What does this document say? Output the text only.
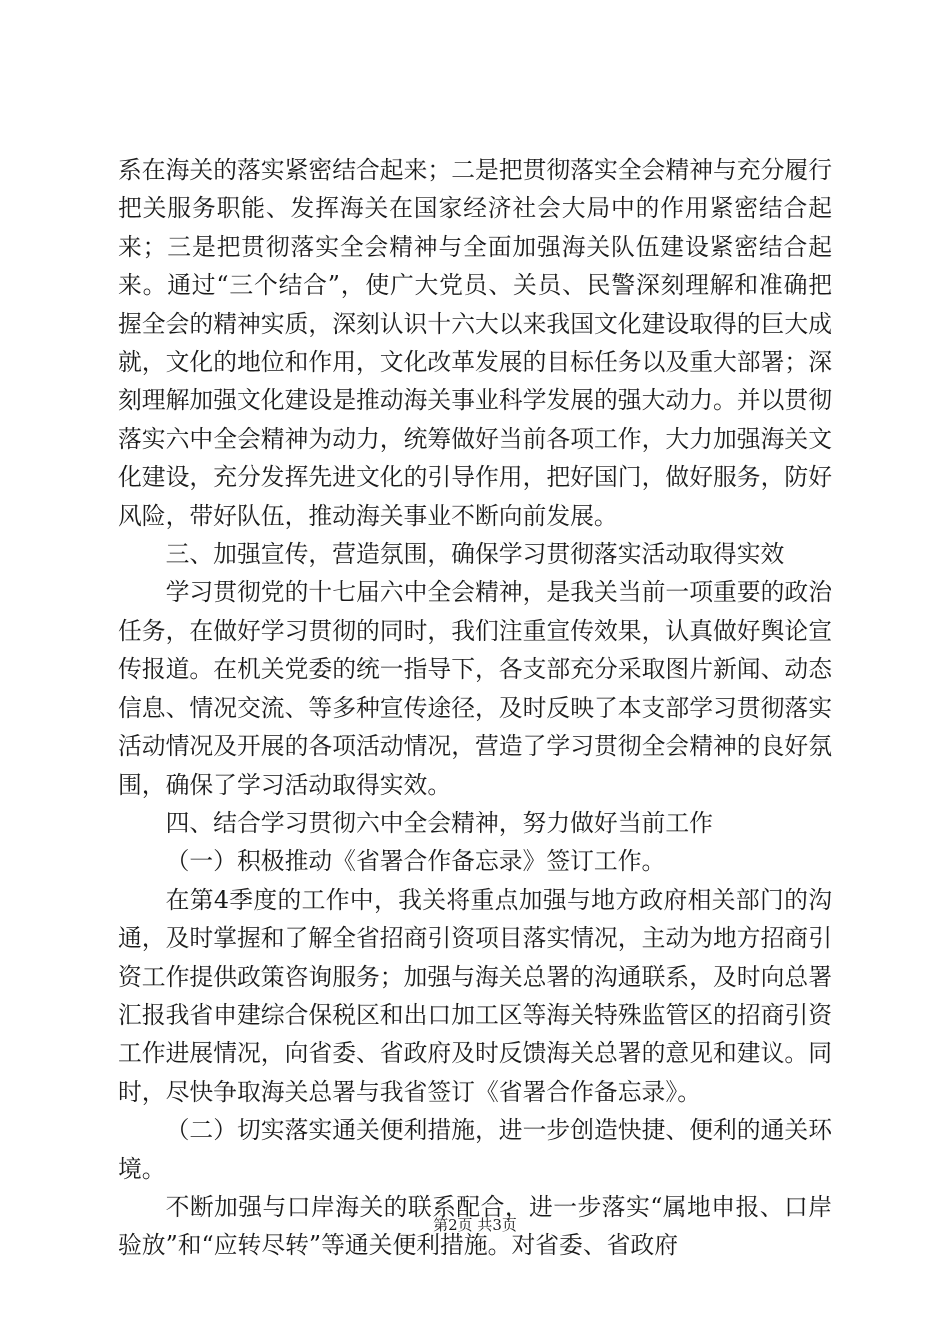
系在海关的落实紧密结合起来；二是把贯彻落实全会精神与充分履行把关服务职能、发挥海关在国家经济社会大局中的作用紧密结合起来；三是把贯彻落实全会精神与全面加强海关队伍建设紧密结合起来。通过“三个结合”，使广大党员、关员、民警深刻理解和准确把握全会的精神实质，深刻认识十六大以来我国文化建设取得的巨大成就，文化的地位和作用，文化改革发展的目标任务以及重大部署；深刻理解加强文化建设是推动海关事业科学发展的强大动力。并以贯彻落实六中全会精神为动力，统筹做好当前各项工作，大力加强海关文化建设，充分发挥先进文化的引导作用，把好国门，做好服务，防好风险，带好队伍，推动海关事业不断向前发展。

三、加强宣传，营造氛围，确保学习贯彻落实活动取得实效

学习贯彻党的十七届六中全会精神，是我关当前一项重要的政治任务，在做好学习贯彻的同时，我们注重宣传效果，认真做好舆论宣传报道。在机关党委的统一指导下，各支部充分采取图片新闻、动态信息、情况交流、等多种宣传途径，及时反映了本支部学习贯彻落实活动情况及开展的各项活动情况，营造了学习贯彻全会精神的良好氛围，确保了学习活动取得实效。

四、结合学习贯彻六中全会精神，努力做好当前工作

（一）积极推动《省署合作备忘录》签订工作。

在第4季度的工作中，我关将重点加强与地方政府相关部门的沟通，及时掌握和了解全省招商引资项目落实情况，主动为地方招商引资工作提供政策咨询服务；加强与海关总署的沟通联系，及时向总署汇报我省申建综合保税区和出口加工区等海关特殊监管区的招商引资工作进展情况，向省委、省政府及时反馈海关总署的意见和建议。同时，尽快争取海关总署与我省签订《省署合作备忘录》。

（二）切实落实通关便利措施，进一步创造快捷、便利的通关环境。

不断加强与口岸海关的联系配合，进一步落实“属地申报、口岸验放”和“应转尽转”等通关便利措施。对省委、省政府

第2页 共3页
